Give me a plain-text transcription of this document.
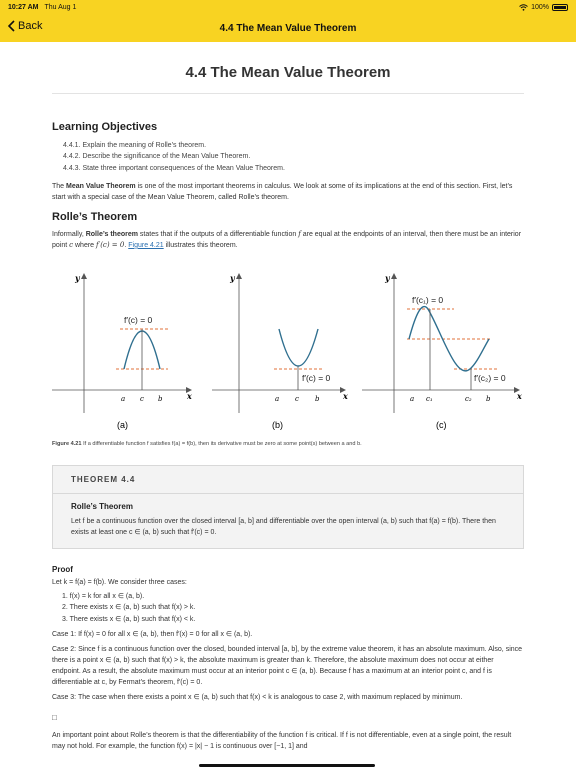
10:27 AM Thu Aug 1	100%
Back	4.4 The Mean Value Theorem
4.4 The Mean Value Theorem
Learning Objectives
4.4.1. Explain the meaning of Rolle’s theorem.
4.4.2. Describe the significance of the Mean Value Theorem.
4.4.3. State three important consequences of the Mean Value Theorem.

The Mean Value Theorem is one of the most important theorems in calculus. We look at some of its implications at the end of this section. First, let’s start with a special case of the Mean Value Theorem, called Rolle’s theorem.

Rolle’s Theorem

Informally, Rolle’s theorem states that if the outputs of a differentiable function f are equal at the endpoints of an interval, then there must be an interior point c where f′(c) = 0. Figure 4.21 illustrates this theorem.

y
x
f′(c) = 0
a c b
(a)
y
x
f′(c) = 0
a c b
(b)
y
x
f′(c₁) = 0
f′(c₂) = 0
a c₁	c₂ b
(c)
Figure 4.21 If a differentiable function f satisfies f(a) = f(b), then its derivative must be zero at some point(s) between a and b.
THEOREM 4.4
Rolle’s Theorem
Let f be a continuous function over the closed interval [a, b] and differentiable over the open interval (a, b) such that f(a) = f(b). There then exists at least one c ∈ (a, b) such that f′(c) = 0.
Proof

Let k = f(a) = f(b). We consider three cases:

1. f(x) = k for all x ∈ (a, b).
2. There exists x ∈ (a, b) such that f(x) > k.
3. There exists x ∈ (a, b) such that f(x) < k.

Case 1: If f(x) = 0 for all x ∈ (a, b), then f′(x) = 0 for all x ∈ (a, b).

Case 2: Since f is a continuous function over the closed, bounded interval [a, b], by the extreme value theorem, it has an absolute maximum. Also, since there is a point x ∈ (a, b) such that f(x) > k, the absolute maximum is greater than k. Therefore, the absolute maximum does not occur at either endpoint. As a result, the absolute maximum must occur at an interior point c ∈ (a, b). Because f has a maximum at an interior point c, and f is differentiable at c, by Fermat’s theorem, f′(c) = 0.

Case 3: The case when there exists a point x ∈ (a, b) such that f(x) < k is analogous to case 2, with maximum replaced by minimum.

□

An important point about Rolle’s theorem is that the differentiability of the function f is critical. If f is not differentiable, even at a single point, the result may not hold. For example, the function f(x) = |x| − 1 is continuous over [−1, 1] and
